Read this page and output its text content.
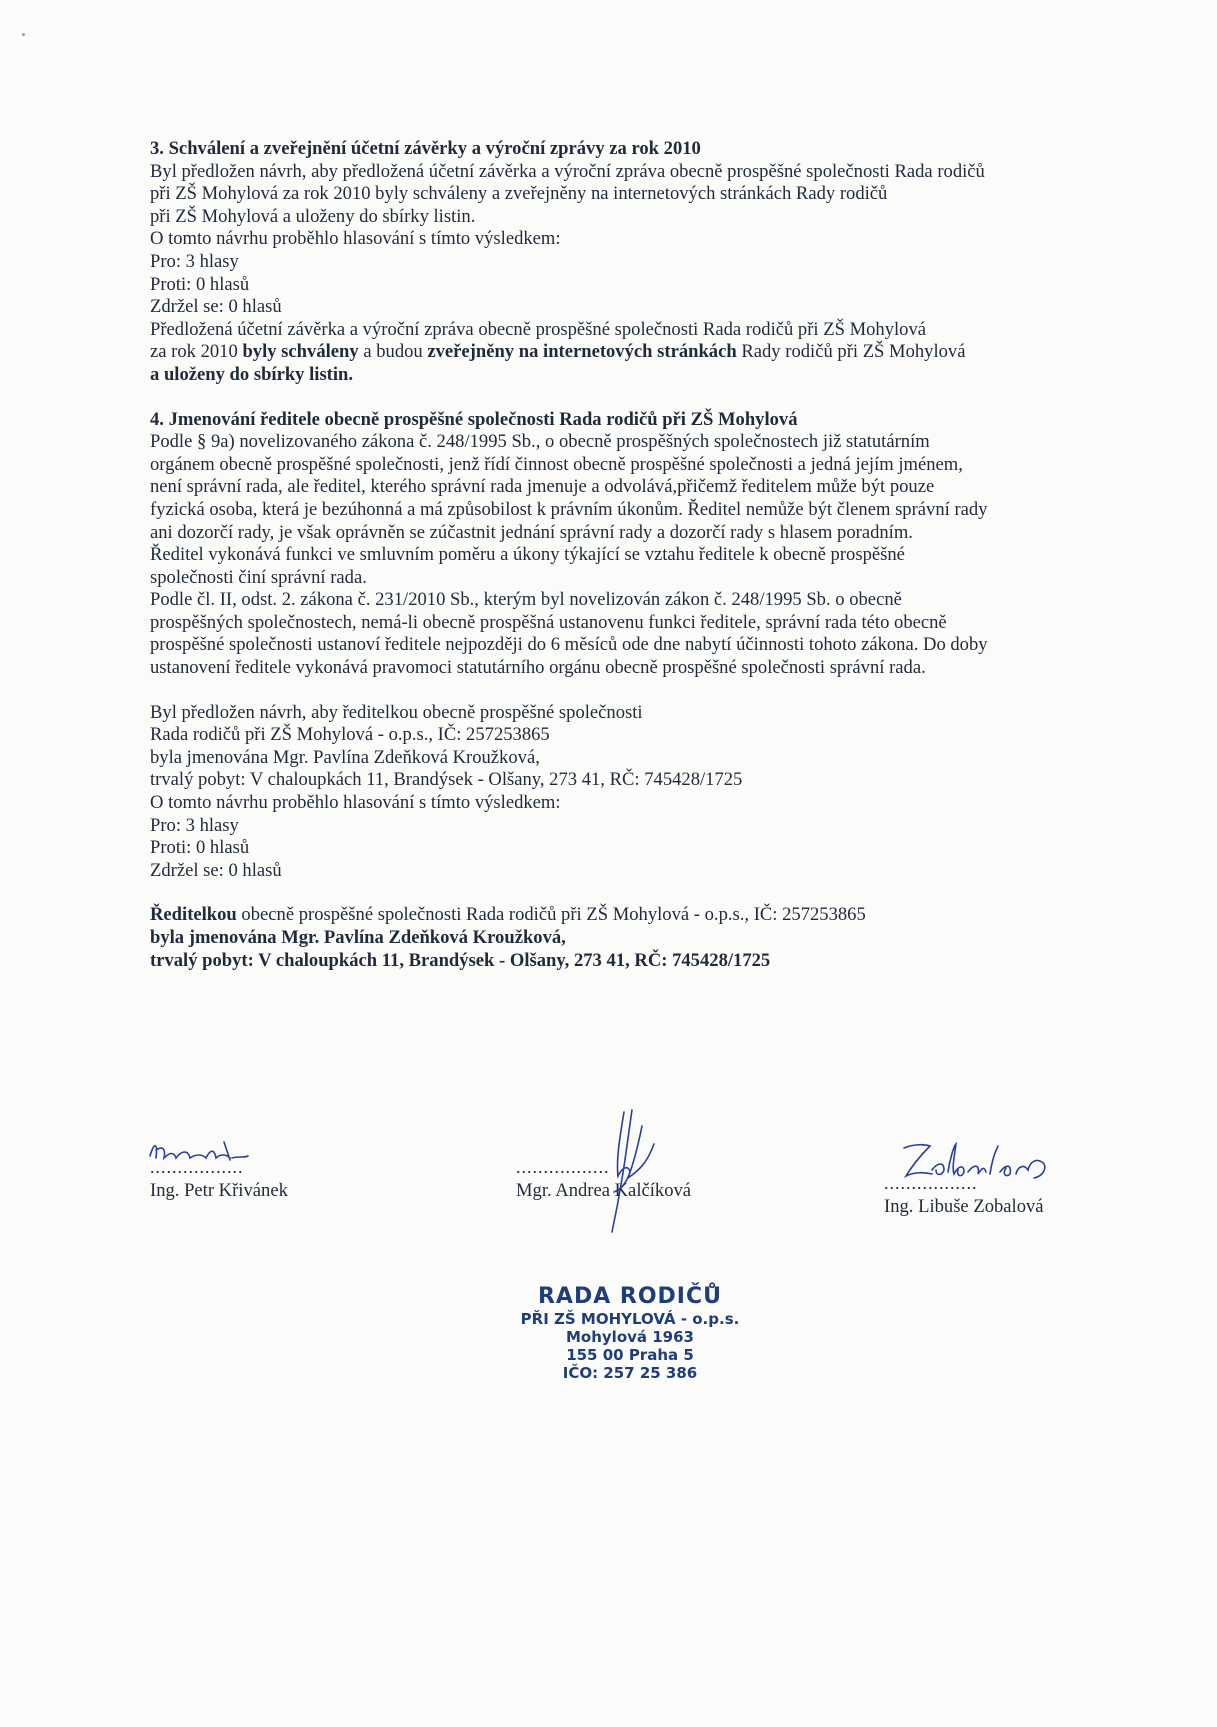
3. Schválení a zveřejnění účetní závěrky a výroční zprávy za rok 2010

Byl předložen návrh, aby předložená účetní závěrka a výroční zpráva obecně prospěšné společnosti Rada rodičů

při ZŠ Mohylová za rok 2010 byly schváleny a zveřejněny na internetových stránkách Rady rodičů

při ZŠ Mohylová a uloženy do sbírky listin.

O tomto návrhu proběhlo hlasování s tímto výsledkem:

Pro: 3 hlasy

Proti: 0 hlasů

Zdržel se: 0 hlasů

Předložená účetní závěrka a výroční zpráva obecně prospěšné společnosti Rada rodičů při ZŠ Mohylová

za rok 2010 byly schváleny a budou zveřejněny na internetových stránkách Rady rodičů při ZŠ Mohylová

a uloženy do sbírky listin.

4. Jmenování ředitele obecně prospěšné společnosti Rada rodičů při ZŠ Mohylová

Podle § 9a) novelizovaného zákona č. 248/1995 Sb., o obecně prospěšných společnostech již statutárním

orgánem obecně prospěšné společnosti, jenž řídí činnost obecně prospěšné společnosti a jedná jejím jménem,

není správní rada, ale ředitel, kterého správní rada jmenuje a odvolává,přičemž ředitelem může být pouze

fyzická osoba, která je bezúhonná a má způsobilost k právním úkonům. Ředitel nemůže být členem správní rady

ani dozorčí rady, je však oprávněn se zúčastnit jednání správní rady a dozorčí rady s hlasem poradním.

Ředitel vykonává funkci ve smluvním poměru a úkony týkající se vztahu ředitele k obecně prospěšné

společnosti činí správní rada.

Podle čl. II, odst. 2. zákona č. 231/2010 Sb., kterým byl novelizován zákon č. 248/1995 Sb. o obecně

prospěšných společnostech, nemá-li obecně prospěšná ustanovenu funkci ředitele, správní rada této obecně

prospěšné společnosti ustanoví ředitele nejpozději do 6 měsíců ode dne nabytí účinnosti tohoto zákona. Do doby

ustanovení ředitele vykonává pravomoci statutárního orgánu obecně prospěšné společnosti správní rada.

Byl předložen návrh, aby ředitelkou obecně prospěšné společnosti

Rada rodičů při ZŠ Mohylová - o.p.s., IČ: 257253865

byla jmenována Mgr. Pavlína Zdeňková Kroužková,

trvalý pobyt: V chaloupkách 11, Brandýsek - Olšany, 273 41, RČ: 745428/1725

O tomto návrhu proběhlo hlasování s tímto výsledkem:

Pro: 3 hlasy

Proti: 0 hlasů

Zdržel se: 0 hlasů

Ředitelkou obecně prospěšné společnosti Rada rodičů při ZŠ Mohylová - o.p.s., IČ: 257253865

byla jmenována Mgr. Pavlína Zdeňková Kroužková,

trvalý pobyt: V chaloupkách 11, Brandýsek - Olšany, 273 41, RČ: 745428/1725

.................
Ing. Petr Křivánek
.................
Mgr. Andrea Kalčíková	.................
Ing. Libuše Zobalová
RADA RODIČŮ
PŘI ZŠ MOHYLOVÁ - o.p.s.
Mohylová 1963
155 00 Praha 5
IČO: 257 25 386
